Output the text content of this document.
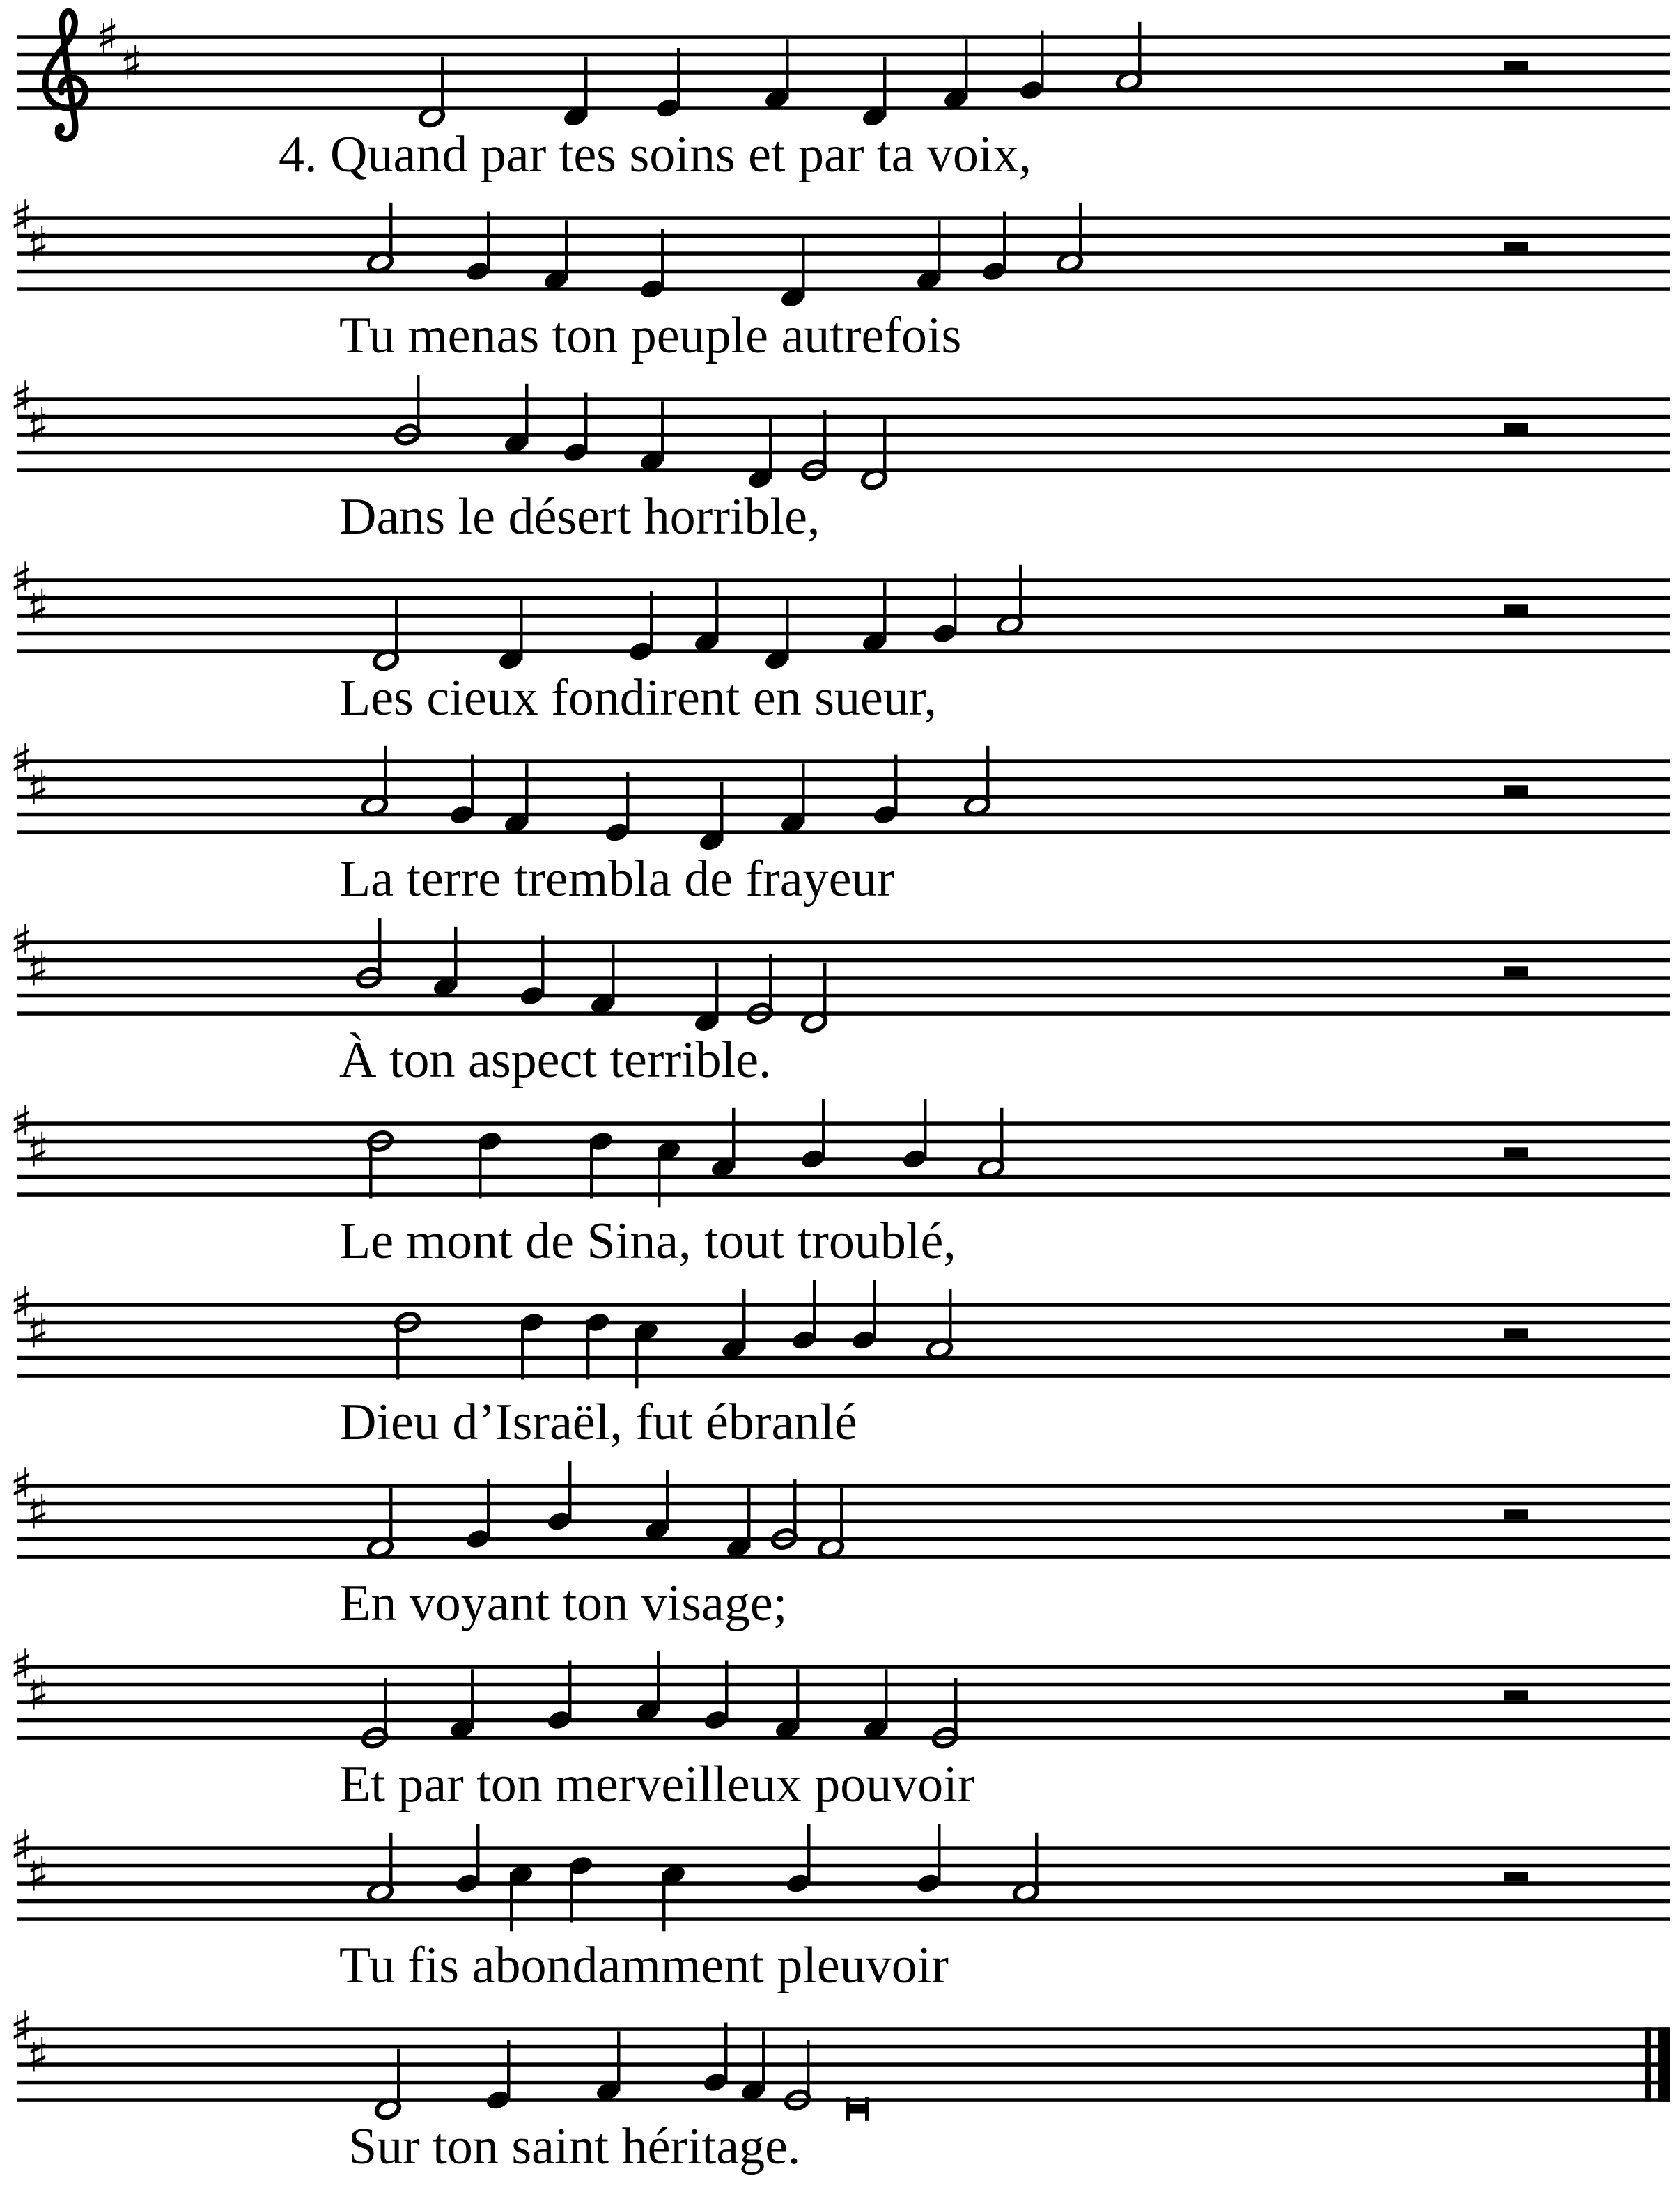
♯ ♯
♯
♯
♯
♯
♯
♯
♯
♯
♯
♯
♯
♯
♯
♯
♯
♯
♯
♯
♯
♯
♯
♯
4. Quand par tes soins et par ta voix,
Tu menas ton peuple autrefois
Dans le désert horrible,
Les cieux fondirent en sueur,
La terre trembla de frayeur
À ton aspect terrible.
Le mont de Sina, tout troublé,
Dieu d’Israël, fut ébranlé
En voyant ton visage;
Et par ton merveilleux pouvoir
Tu fis abondamment pleuvoir
Sur ton saint héritage.
